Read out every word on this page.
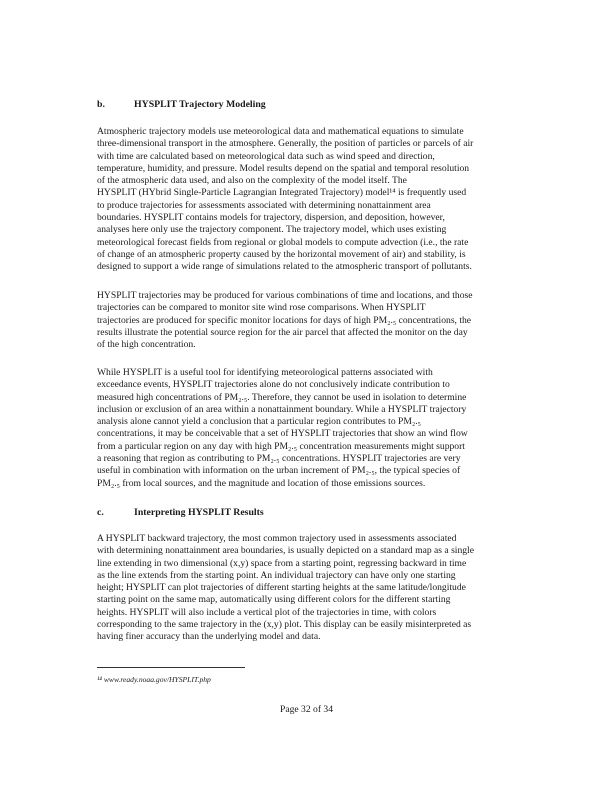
b.	HYSPLIT Trajectory Modeling
Atmospheric trajectory models use meteorological data and mathematical equations to simulate
three-dimensional transport in the atmosphere. Generally, the position of particles or parcels of air
with time are calculated based on meteorological data such as wind speed and direction,
temperature, humidity, and pressure. Model results depend on the spatial and temporal resolution
of the atmospheric data used, and also on the complexity of the model itself. The
HYSPLIT (HYbrid Single-Particle Lagrangian Integrated Trajectory) model¹⁴ is frequently used
to produce trajectories for assessments associated with determining nonattainment area
boundaries. HYSPLIT contains models for trajectory, dispersion, and deposition, however,
analyses here only use the trajectory component. The trajectory model, which uses existing
meteorological forecast fields from regional or global models to compute advection (i.e., the rate
of change of an atmospheric property caused by the horizontal movement of air) and stability, is
designed to support a wide range of simulations related to the atmospheric transport of pollutants.
HYSPLIT trajectories may be produced for various combinations of time and locations, and those
trajectories can be compared to monitor site wind rose comparisons. When HYSPLIT
trajectories are produced for specific monitor locations for days of high PM₂.₅ concentrations, the
results illustrate the potential source region for the air parcel that affected the monitor on the day
of the high concentration.
While HYSPLIT is a useful tool for identifying meteorological patterns associated with
exceedance events, HYSPLIT trajectories alone do not conclusively indicate contribution to
measured high concentrations of PM₂.₅. Therefore, they cannot be used in isolation to determine
inclusion or exclusion of an area within a nonattainment boundary. While a HYSPLIT trajectory
analysis alone cannot yield a conclusion that a particular region contributes to PM₂.₅
concentrations, it may be conceivable that a set of HYSPLIT trajectories that show an wind flow
from a particular region on any day with high PM₂.₅ concentration measurements might support
a reasoning that region as contributing to PM₂.₅ concentrations. HYSPLIT trajectories are very
useful in combination with information on the urban increment of PM₂.₅, the typical species of
PM₂.₅ from local sources, and the magnitude and location of those emissions sources.
c.	Interpreting HYSPLIT Results
A HYSPLIT backward trajectory, the most common trajectory used in assessments associated
with determining nonattainment area boundaries, is usually depicted on a standard map as a single
line extending in two dimensional (x,y) space from a starting point, regressing backward in time
as the line extends from the starting point. An individual trajectory can have only one starting
height; HYSPLIT can plot trajectories of different starting heights at the same latitude/longitude
starting point on the same map, automatically using different colors for the different starting
heights. HYSPLIT will also include a vertical plot of the trajectories in time, with colors
corresponding to the same trajectory in the (x,y) plot. This display can be easily misinterpreted as
having finer accuracy than the underlying model and data.
¹⁴ www.ready.noaa.gov/HYSPLIT.php
Page 32 of 34
